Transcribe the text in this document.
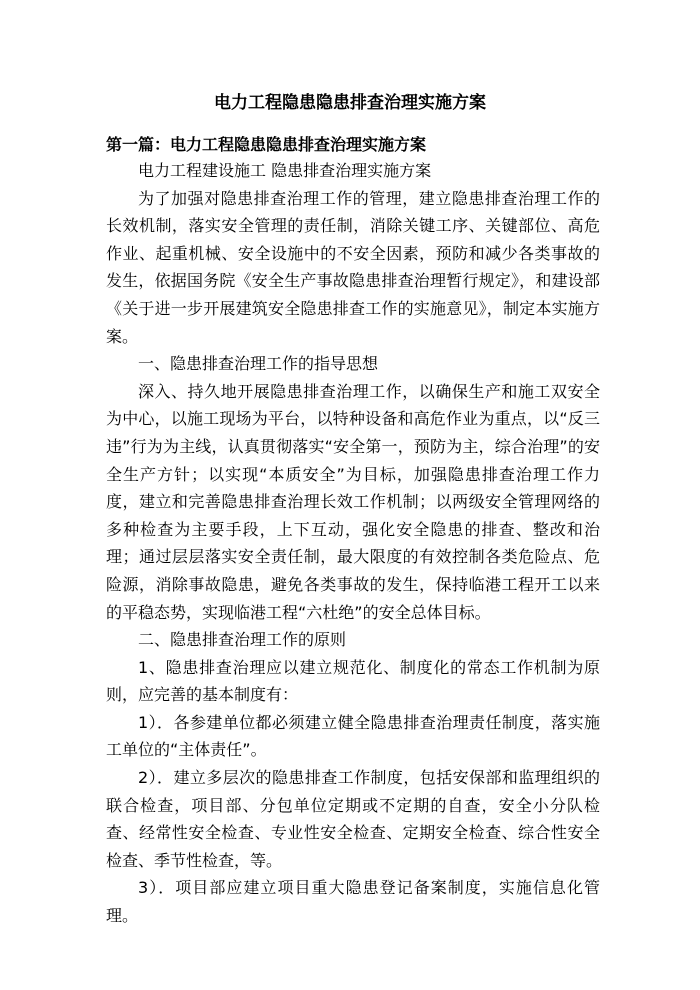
电力工程隐患隐患排查治理实施方案
第一篇：电力工程隐患隐患排查治理实施方案

电力工程建设施工 隐患排查治理实施方案

为了加强对隐患排查治理工作的管理，建立隐患排查治理工作的长效机制，落实安全管理的责任制，消除关键工序、关键部位、高危作业、起重机械、安全设施中的不安全因素，预防和减少各类事故的发生，依据国务院《安全生产事故隐患排查治理暂行规定》，和建设部《关于进一步开展建筑安全隐患排查工作的实施意见》，制定本实施方案。

一、隐患排查治理工作的指导思想

深入、持久地开展隐患排查治理工作，以确保生产和施工双安全为中心，以施工现场为平台，以特种设备和高危作业为重点，以“反三违”行为为主线，认真贯彻落实“安全第一，预防为主，综合治理”的安全生产方针；以实现“本质安全”为目标，加强隐患排查治理工作力度，建立和完善隐患排查治理长效工作机制；以两级安全管理网络的多种检查为主要手段，上下互动，强化安全隐患的排查、整改和治理；通过层层落实安全责任制，最大限度的有效控制各类危险点、危险源，消除事故隐患，避免各类事故的发生，保持临港工程开工以来的平稳态势，实现临港工程“六杜绝”的安全总体目标。

二、隐患排查治理工作的原则

1、隐患排查治理应以建立规范化、制度化的常态工作机制为原则，应完善的基本制度有：

1）．各参建单位都必须建立健全隐患排查治理责任制度，落实施工单位的“主体责任”。

2）．建立多层次的隐患排查工作制度，包括安保部和监理组织的联合检查，项目部、分包单位定期或不定期的自查，安全小分队检查、经常性安全检查、专业性安全检查、定期安全检查、综合性安全检查、季节性检查，等。

3）．项目部应建立项目重大隐患登记备案制度，实施信息化管理。
